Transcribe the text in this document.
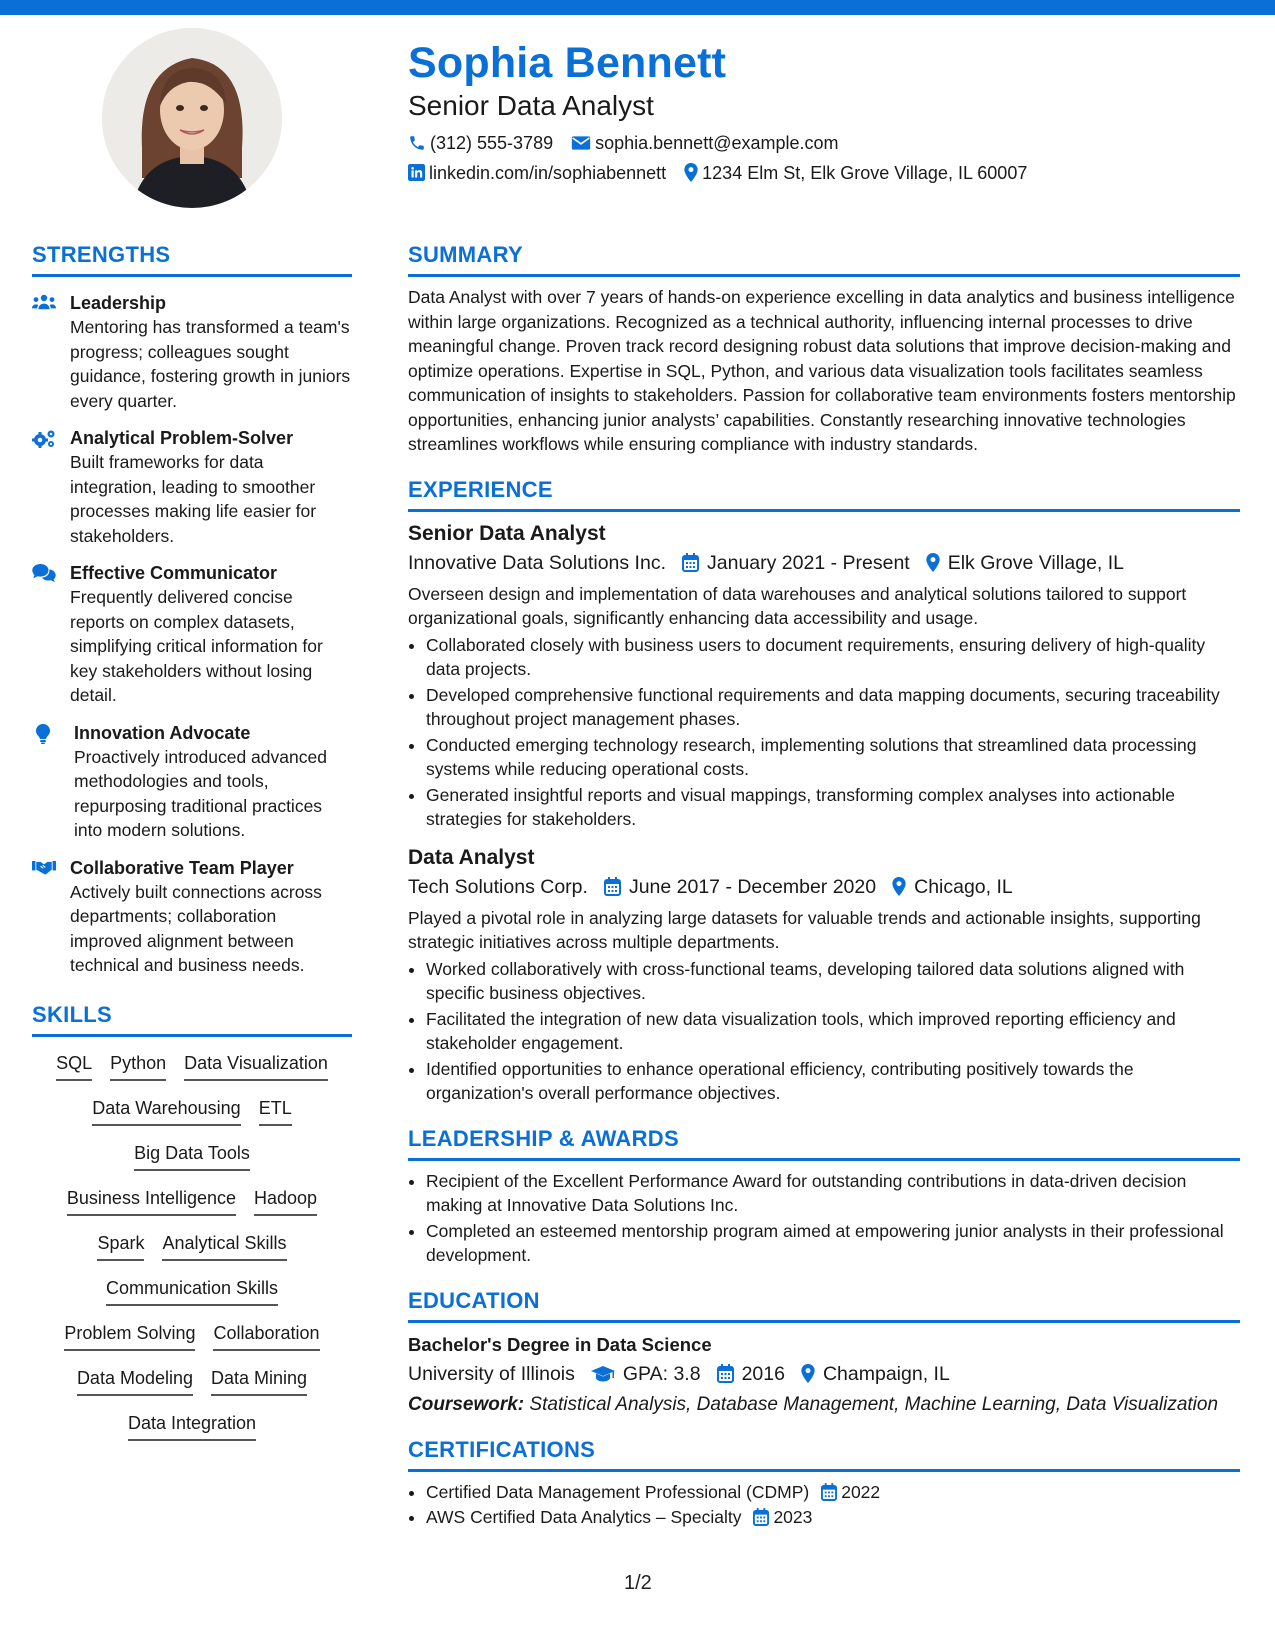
Sophia Bennett
Senior Data Analyst
(312) 555-3789 sophia.bennett@example.com
linkedin.com/in/sophiabennett 1234 Elm St, Elk Grove Village, IL 60007
STRENGTHS
Leadership
Mentoring has transformed a team's progress; colleagues sought guidance, fostering growth in juniors every quarter.
Analytical Problem-Solver
Built frameworks for data integration, leading to smoother processes making life easier for stakeholders.
Effective Communicator
Frequently delivered concise reports on complex datasets, simplifying critical information for key stakeholders without losing detail.
Innovation Advocate
Proactively introduced advanced methodologies and tools, repurposing traditional practices into modern solutions.
Collaborative Team Player
Actively built connections across departments; collaboration improved alignment between technical and business needs.
SKILLS
SQL Python Data Visualization
Data Warehousing ETL
Big Data Tools
Business Intelligence Hadoop
Spark Analytical Skills
Communication Skills
Problem Solving Collaboration
Data Modeling Data Mining
Data Integration
SUMMARY

Data Analyst with over 7 years of hands-on experience excelling in data analytics and business intelligence within large organizations. Recognized as a technical authority, influencing internal processes to drive meaningful change. Proven track record designing robust data solutions that improve decision-making and optimize operations. Expertise in SQL, Python, and various data visualization tools facilitates seamless communication of insights to stakeholders. Passion for collaborative team environments fosters mentorship opportunities, enhancing junior analysts’ capabilities. Constantly researching innovative technologies streamlines workflows while ensuring compliance with industry standards.

EXPERIENCE
Senior Data Analyst
Innovative Data Solutions Inc. January 2021 - Present Elk Grove Village, IL

Overseen design and implementation of data warehouses and analytical solutions tailored to support organizational goals, significantly enhancing data accessibility and usage.

• Collaborated closely with business users to document requirements, ensuring delivery of high-quality data projects.
• Developed comprehensive functional requirements and data mapping documents, securing traceability throughout project management phases.
• Conducted emerging technology research, implementing solutions that streamlined data processing systems while reducing operational costs.
• Generated insightful reports and visual mappings, transforming complex analyses into actionable strategies for stakeholders.
Data Analyst
Tech Solutions Corp. June 2017 - December 2020 Chicago, IL

Played a pivotal role in analyzing large datasets for valuable trends and actionable insights, supporting strategic initiatives across multiple departments.

• Worked collaboratively with cross-functional teams, developing tailored data solutions aligned with specific business objectives.
• Facilitated the integration of new data visualization tools, which improved reporting efficiency and stakeholder engagement.
• Identified opportunities to enhance operational efficiency, contributing positively towards the organization's overall performance objectives.
LEADERSHIP & AWARDS
• Recipient of the Excellent Performance Award for outstanding contributions in data-driven decision making at Innovative Data Solutions Inc.
• Completed an esteemed mentorship program aimed at empowering junior analysts in their professional development.
EDUCATION
Bachelor's Degree in Data Science
University of Illinois GPA: 3.8 2016 Champaign, IL
Coursework: Statistical Analysis, Database Management, Machine Learning, Data Visualization
CERTIFICATIONS
• Certified Data Management Professional (CDMP) 2022
• AWS Certified Data Analytics – Specialty 2023
1/2
